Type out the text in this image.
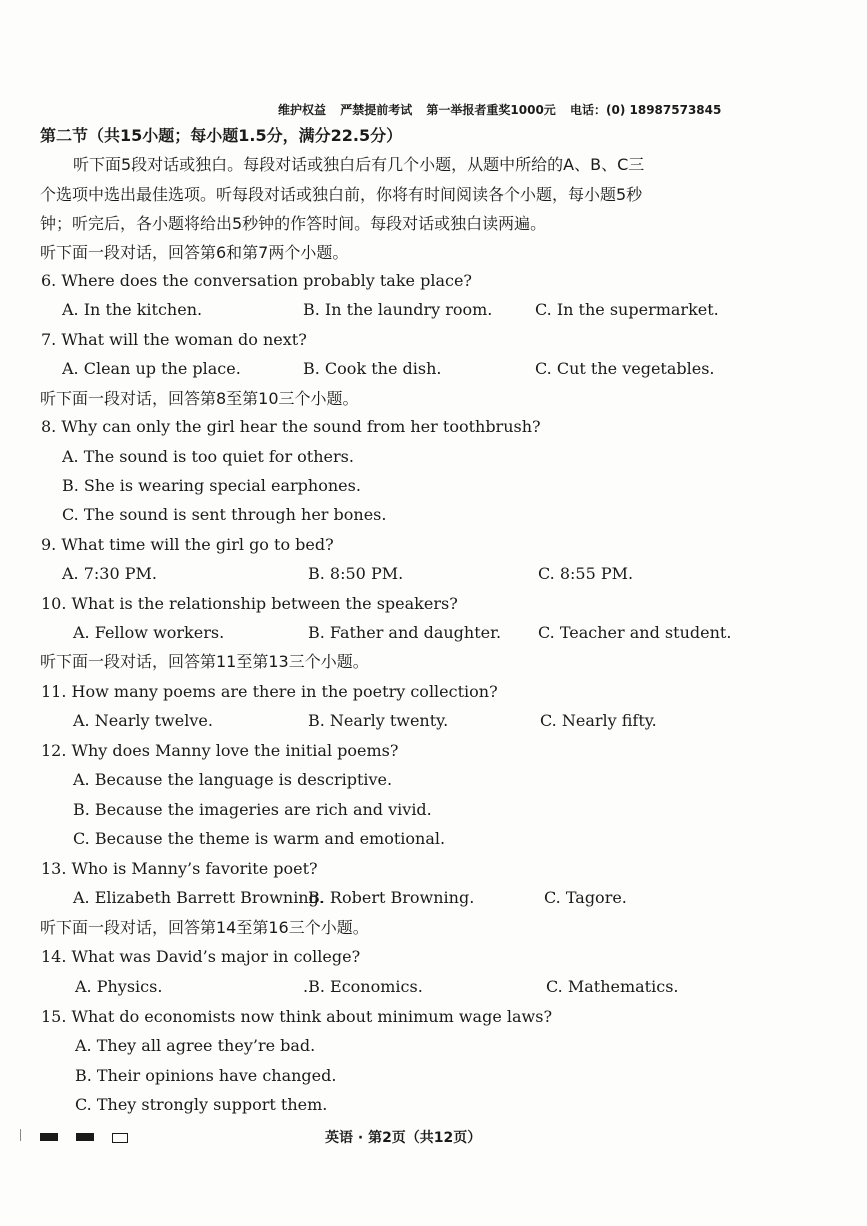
维护权益 严禁提前考试 第一举报者重奖1000元 电话：(0) 18987573845
第二节（共15小题；每小题1.5分，满分22.5分）
听下面5段对话或独白。每段对话或独白后有几个小题，从题中所给的A、B、C三
个选项中选出最佳选项。听每段对话或独白前，你将有时间阅读各个小题，每小题5秒
钟；听完后，各小题将给出5秒钟的作答时间。每段对话或独白读两遍。
听下面一段对话，回答第6和第7两个小题。
6. Where does the conversation probably take place?
A. In the kitchen.	B. In the laundry room.	C. In the supermarket.
7. What will the woman do next?
A. Clean up the place.	B. Cook the dish.	C. Cut the vegetables.
听下面一段对话，回答第8至第10三个小题。
8. Why can only the girl hear the sound from her toothbrush?
A. The sound is too quiet for others.
B. She is wearing special earphones.
C. The sound is sent through her bones.
9. What time will the girl go to bed?
A. 7:30 PM.	B. 8:50 PM.	C. 8:55 PM.
10. What is the relationship between the speakers?
A. Fellow workers.	B. Father and daughter. C. Teacher and student.
听下面一段对话，回答第11至第13三个小题。
11. How many poems are there in the poetry collection?
A. Nearly twelve.	B. Nearly twenty.	C. Nearly fifty.
12. Why does Manny love the initial poems?
A. Because the language is descriptive.
B. Because the imageries are rich and vivid.
C. Because the theme is warm and emotional.
13. Who is Manny’s favorite poet?
A. Elizabeth Barrett Browning.
B. Robert Browning.	C. Tagore.
听下面一段对话，回答第14至第16三个小题。
14. What was David’s major in college?
A. Physics.	.B. Economics.	C. Mathematics.
15. What do economists now think about minimum wage laws?
A. They all agree they’re bad.
B. Their opinions have changed.
C. They strongly support them.
英语 · 第2页（共12页）
